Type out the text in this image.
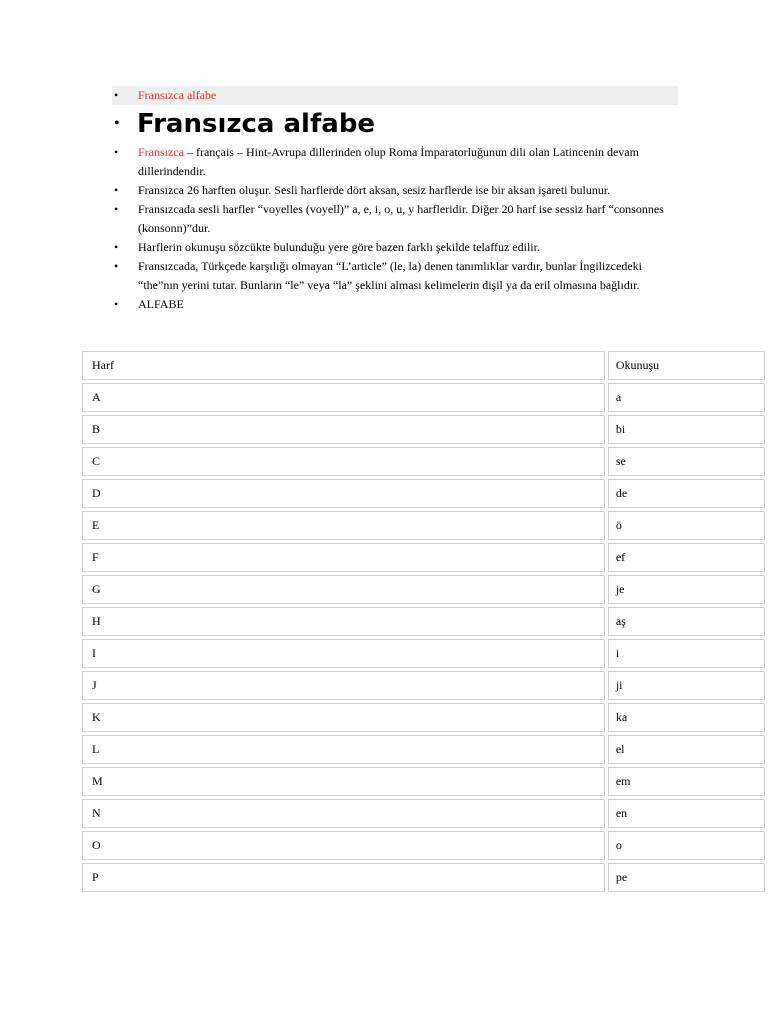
• Fransızca alfabe
• Fransızca alfabe
• Fransızca – français – Hint-Avrupa dillerinden olup Roma İmparatorluğunun dili olan Latincenin devam dillerindendir.
• Fransızca 26 harften oluşur. Sesli harflerde dört aksan, sesiz harflerde ise bir aksan işareti bulunur.
• Fransızcada sesli harfler “voyelles (voyell)” a, e, i, o, u, y harfleridir. Diğer 20 harf ise sessiz harf “consonnes (konsonn)”dur.
• Harflerin okunuşu sözcükte bulunduğu yere göre bazen farklı şekilde telaffuz edilir.
• Fransızcada, Türkçede karşılığı olmayan “L’article” (le, la) denen tanımlıklar vardır, bunlar İngilizcedeki “the”nın yerini tutar. Bunların “le” veya “la” şeklini alması kelimelerin dişil ya da eril olmasına bağlıdır.
• ALFABE
Harf	Okunuşu
A	a
B	bi
C	se
D	de
E	ö
F	ef
G	je
H	aş
I	i
J	ji
K	ka
L	el
M	em
N	en
O	o
P	pe
